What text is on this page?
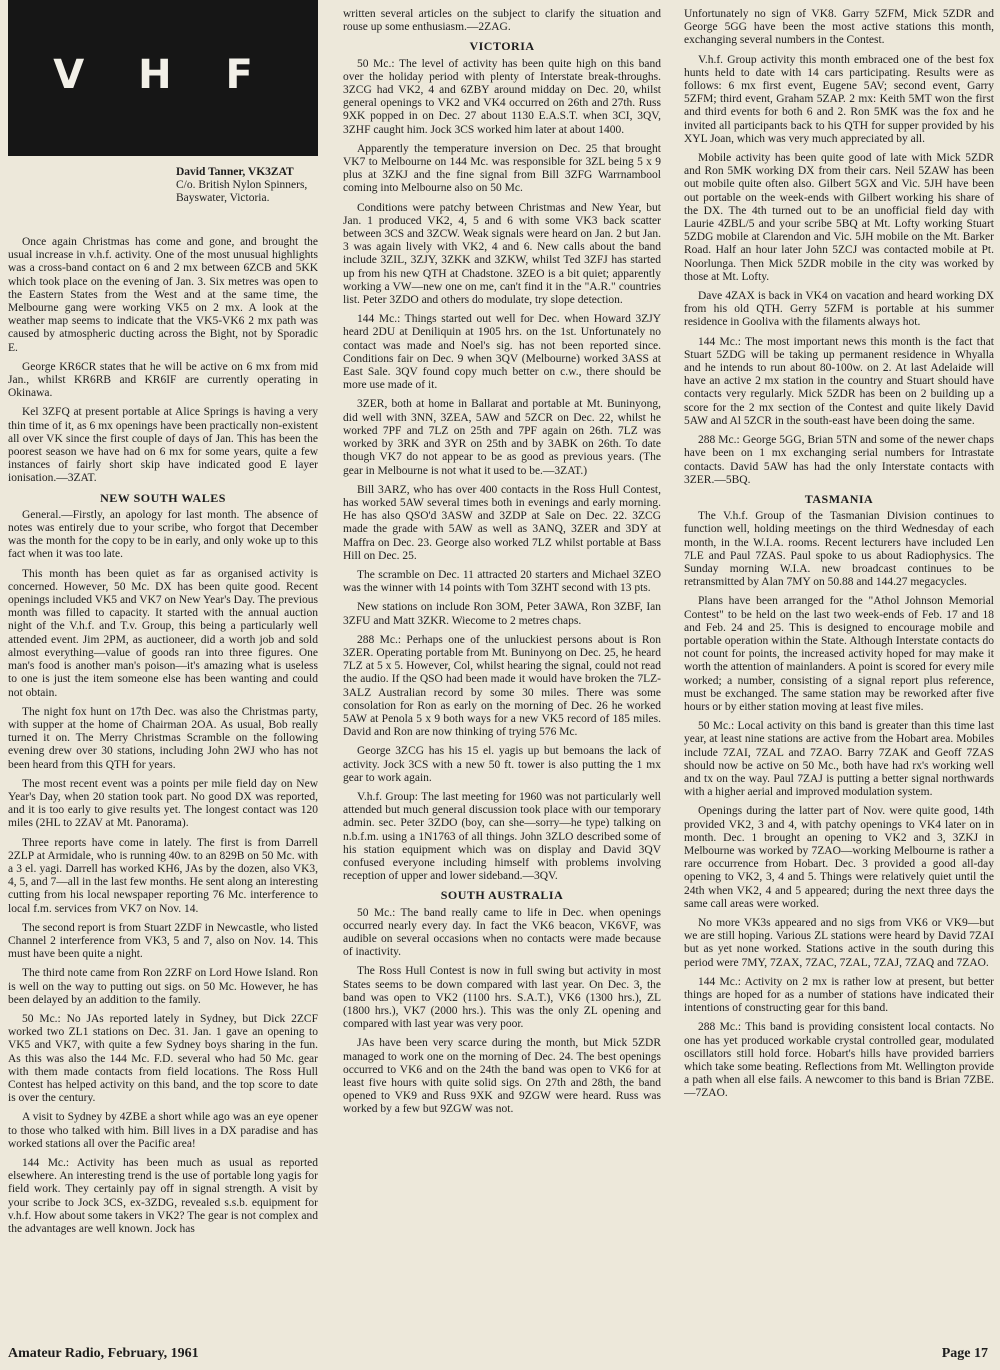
V H F
David Tanner, VK3ZAT
C/o. British Nylon Spinners,
Bayswater, Victoria.

Once again Christmas has come and gone, and brought the usual increase in v.h.f. activity. One of the most unusual highlights was a cross-band contact on 6 and 2 mx between 6ZCB and 5KK which took place on the evening of Jan. 3. Six metres was open to the Eastern States from the West and at the same time, the Melbourne gang were working VK5 on 2 mx. A look at the weather map seems to indicate that the VK5-VK6 2 mx path was caused by atmospheric ducting across the Bight, not by Sporadic E.

George KR6CR states that he will be active on 6 mx from mid Jan., whilst KR6RB and KR6IF are currently operating in Okinawa.

Kel 3ZFQ at present portable at Alice Springs is having a very thin time of it, as 6 mx openings have been practically non-existent all over VK since the first couple of days of Jan. This has been the poorest season we have had on 6 mx for some years, quite a few instances of fairly short skip have indicated good E layer ionisation.—3ZAT.

NEW SOUTH WALES

General.—Firstly, an apology for last month. The absence of notes was entirely due to your scribe, who forgot that December was the month for the copy to be in early, and only woke up to this fact when it was too late.

This month has been quiet as far as organised activity is concerned. However, 50 Mc. DX has been quite good. Recent openings included VK5 and VK7 on New Year's Day. The previous month was filled to capacity. It started with the annual auction night of the V.h.f. and T.v. Group, this being a particularly well attended event. Jim 2PM, as auctioneer, did a worth job and sold almost everything—value of goods ran into three figures. One man's food is another man's poison—it's amazing what is useless to one is just the item someone else has been wanting and could not obtain.

The night fox hunt on 17th Dec. was also the Christmas party, with supper at the home of Chairman 2OA. As usual, Bob really turned it on. The Merry Christmas Scramble on the following evening drew over 30 stations, including John 2WJ who has not been heard from this QTH for years.

The most recent event was a points per mile field day on New Year's Day, when 20 station took part. No good DX was reported, and it is too early to give results yet. The longest contact was 120 miles (2HL to 2ZAV at Mt. Panorama).

Three reports have come in lately. The first is from Darrell 2ZLP at Armidale, who is running 40w. to an 829B on 50 Mc. with a 3 el. yagi. Darrell has worked KH6, JAs by the dozen, also VK3, 4, 5, and 7—all in the last few months. He sent along an interesting cutting from his local newspaper reporting 76 Mc. interference to local f.m. services from VK7 on Nov. 14.

The second report is from Stuart 2ZDF in Newcastle, who listed Channel 2 interference from VK3, 5 and 7, also on Nov. 14. This must have been quite a night.

The third note came from Ron 2ZRF on Lord Howe Island. Ron is well on the way to putting out sigs. on 50 Mc. However, he has been delayed by an addition to the family.

50 Mc.: No JAs reported lately in Sydney, but Dick 2ZCF worked two ZL1 stations on Dec. 31. Jan. 1 gave an opening to VK5 and VK7, with quite a few Sydney boys sharing in the fun. As this was also the 144 Mc. F.D. several who had 50 Mc. gear with them made contacts from field locations. The Ross Hull Contest has helped activity on this band, and the top score to date is over the century.

A visit to Sydney by 4ZBE a short while ago was an eye opener to those who talked with him. Bill lives in a DX paradise and has worked stations all over the Pacific area!

144 Mc.: Activity has been much as usual as reported elsewhere. An interesting trend is the use of portable long yagis for field work. They certainly pay off in signal strength. A visit by your scribe to Jock 3CS, ex-3ZDG, revealed s.s.b. equipment for v.h.f. How about some takers in VK2? The gear is not complex and the advantages are well known. Jock has

written several articles on the subject to clarify the situation and rouse up some enthusiasm.—2ZAG.

VICTORIA

50 Mc.: The level of activity has been quite high on this band over the holiday period with plenty of Interstate break-throughs. 3ZCG had VK2, 4 and 6ZBY around midday on Dec. 20, whilst general openings to VK2 and VK4 occurred on 26th and 27th. Russ 9XK popped in on Dec. 27 about 1130 E.A.S.T. when 3CI, 3QV, 3ZHF caught him. Jock 3CS worked him later at about 1400.

Apparently the temperature inversion on Dec. 25 that brought VK7 to Melbourne on 144 Mc. was responsible for 3ZL being 5 x 9 plus at 3ZKJ and the fine signal from Bill 3ZFG Warrnambool coming into Melbourne also on 50 Mc.

Conditions were patchy between Christmas and New Year, but Jan. 1 produced VK2, 4, 5 and 6 with some VK3 back scatter between 3CS and 3ZCW. Weak signals were heard on Jan. 2 but Jan. 3 was again lively with VK2, 4 and 6. New calls about the band include 3ZIL, 3ZJY, 3ZKK and 3ZKW, whilst Ted 3ZFJ has started up from his new QTH at Chadstone. 3ZEO is a bit quiet; apparently working a VW—new one on me, can't find it in the "A.R." countries list. Peter 3ZDO and others do modulate, try slope detection.

144 Mc.: Things started out well for Dec. when Howard 3ZJY heard 2DU at Deniliquin at 1905 hrs. on the 1st. Unfortunately no contact was made and Noel's sig. has not been reported since. Conditions fair on Dec. 9 when 3QV (Melbourne) worked 3ASS at East Sale. 3QV found copy much better on c.w., there should be more use made of it.

3ZER, both at home in Ballarat and portable at Mt. Buninyong, did well with 3NN, 3ZEA, 5AW and 5ZCR on Dec. 22, whilst he worked 7PF and 7LZ on 25th and 7PF again on 26th. 7LZ was worked by 3RK and 3YR on 25th and by 3ABK on 26th. To date though VK7 do not appear to be as good as previous years. (The gear in Melbourne is not what it used to be.—3ZAT.)

Bill 3ARZ, who has over 400 contacts in the Ross Hull Contest, has worked 5AW several times both in evenings and early morning. He has also QSO'd 3ASW and 3ZDP at Sale on Dec. 22. 3ZCG made the grade with 5AW as well as 3ANQ, 3ZER and 3DY at Maffra on Dec. 23. George also worked 7LZ whilst portable at Bass Hill on Dec. 25.

The scramble on Dec. 11 attracted 20 starters and Michael 3ZEO was the winner with 14 points with Tom 3ZHT second with 13 pts.

New stations on include Ron 3OM, Peter 3AWA, Ron 3ZBF, Ian 3ZFU and Matt 3ZKR. Wiecome to 2 metres chaps.

288 Mc.: Perhaps one of the unluckiest persons about is Ron 3ZER. Operating portable from Mt. Buninyong on Dec. 25, he heard 7LZ at 5 x 5. However, Col, whilst hearing the signal, could not read the audio. If the QSO had been made it would have broken the 7LZ-3ALZ Australian record by some 30 miles. There was some consolation for Ron as early on the morning of Dec. 26 he worked 5AW at Penola 5 x 9 both ways for a new VK5 record of 185 miles. David and Ron are now thinking of trying 576 Mc.

George 3ZCG has his 15 el. yagis up but bemoans the lack of activity. Jock 3CS with a new 50 ft. tower is also putting the 1 mx gear to work again.

V.h.f. Group: The last meeting for 1960 was not particularly well attended but much general discussion took place with our temporary admin. sec. Peter 3ZDO (boy, can she—sorry—he type) talking on n.b.f.m. using a 1N1763 of all things. John 3ZLO described some of his station equipment which was on display and David 3QV confused everyone including himself with problems involving reception of upper and lower sideband.—3QV.

SOUTH AUSTRALIA

50 Mc.: The band really came to life in Dec. when openings occurred nearly every day. In fact the VK6 beacon, VK6VF, was audible on several occasions when no contacts were made because of inactivity.

The Ross Hull Contest is now in full swing but activity in most States seems to be down compared with last year. On Dec. 3, the band was open to VK2 (1100 hrs. S.A.T.), VK6 (1300 hrs.), ZL (1800 hrs.), VK7 (2000 hrs.). This was the only ZL opening and compared with last year was very poor.

JAs have been very scarce during the month, but Mick 5ZDR managed to work one on the morning of Dec. 24. The best openings occurred to VK6 and on the 24th the band was open to VK6 for at least five hours with quite solid sigs. On 27th and 28th, the band opened to VK9 and Russ 9XK and 9ZGW were heard. Russ was worked by a few but 9ZGW was not.

Unfortunately no sign of VK8. Garry 5ZFM, Mick 5ZDR and George 5GG have been the most active stations this month, exchanging several numbers in the Contest.

V.h.f. Group activity this month embraced one of the best fox hunts held to date with 14 cars participating. Results were as follows: 6 mx first event, Eugene 5AV; second event, Garry 5ZFM; third event, Graham 5ZAP. 2 mx: Keith 5MT won the first and third events for both 6 and 2. Ron 5MK was the fox and he invited all participants back to his QTH for supper provided by his XYL Joan, which was very much appreciated by all.

Mobile activity has been quite good of late with Mick 5ZDR and Ron 5MK working DX from their cars. Neil 5ZAW has been out mobile quite often also. Gilbert 5GX and Vic. 5JH have been out portable on the week-ends with Gilbert working his share of the DX. The 4th turned out to be an unofficial field day with Laurie 4ZBL/5 and your scribe 5BQ at Mt. Lofty working Stuart 5ZDG mobile at Clarendon and Vic. 5JH mobile on the Mt. Barker Road. Half an hour later John 5ZCJ was contacted mobile at Pt. Noorlunga. Then Mick 5ZDR mobile in the city was worked by those at Mt. Lofty.

Dave 4ZAX is back in VK4 on vacation and heard working DX from his old QTH. Gerry 5ZFM is portable at his summer residence in Gooliva with the filaments always hot.

144 Mc.: The most important news this month is the fact that Stuart 5ZDG will be taking up permanent residence in Whyalla and he intends to run about 80-100w. on 2. At last Adelaide will have an active 2 mx station in the country and Stuart should have contacts very regularly. Mick 5ZDR has been on 2 building up a score for the 2 mx section of the Contest and quite likely David 5AW and Al 5ZCR in the south-east have been doing the same.

288 Mc.: George 5GG, Brian 5TN and some of the newer chaps have been on 1 mx exchanging serial numbers for Intrastate contacts. David 5AW has had the only Interstate contacts with 3ZER.—5BQ.

TASMANIA

The V.h.f. Group of the Tasmanian Division continues to function well, holding meetings on the third Wednesday of each month, in the W.I.A. rooms. Recent lecturers have included Len 7LE and Paul 7ZAS. Paul spoke to us about Radiophysics. The Sunday morning W.I.A. new broadcast continues to be retransmitted by Alan 7MY on 50.88 and 144.27 megacycles.

Plans have been arranged for the "Athol Johnson Memorial Contest" to be held on the last two week-ends of Feb. 17 and 18 and Feb. 24 and 25. This is designed to encourage mobile and portable operation within the State. Although Interstate contacts do not count for points, the increased activity hoped for may make it worth the attention of mainlanders. A point is scored for every mile worked; a number, consisting of a signal report plus reference, must be exchanged. The same station may be reworked after five hours or by either station moving at least five miles.

50 Mc.: Local activity on this band is greater than this time last year, at least nine stations are active from the Hobart area. Mobiles include 7ZAI, 7ZAL and 7ZAO. Barry 7ZAK and Geoff 7ZAS should now be active on 50 Mc., both have had rx's working well and tx on the way. Paul 7ZAJ is putting a better signal northwards with a higher aerial and improved modulation system.

Openings during the latter part of Nov. were quite good, 14th provided VK2, 3 and 4, with patchy openings to VK4 later on in month. Dec. 1 brought an opening to VK2 and 3, 3ZKJ in Melbourne was worked by 7ZAO—working Melbourne is rather a rare occurrence from Hobart. Dec. 3 provided a good all-day opening to VK2, 3, 4 and 5. Things were relatively quiet until the 24th when VK2, 4 and 5 appeared; during the next three days the same call areas were worked.

No more VK3s appeared and no sigs from VK6 or VK9—but we are still hoping. Various ZL stations were heard by David 7ZAI but as yet none worked. Stations active in the south during this period were 7MY, 7ZAX, 7ZAC, 7ZAL, 7ZAJ, 7ZAQ and 7ZAO.

144 Mc.: Activity on 2 mx is rather low at present, but better things are hoped for as a number of stations have indicated their intentions of constructing gear for this band.

288 Mc.: This band is providing consistent local contacts. No one has yet produced workable crystal controlled gear, modulated oscillators still hold force. Hobart's hills have provided barriers which take some beating. Reflections from Mt. Wellington provide a path when all else fails. A newcomer to this band is Brian 7ZBE.—7ZAO.

Amateur Radio, February, 1961	Page 17
